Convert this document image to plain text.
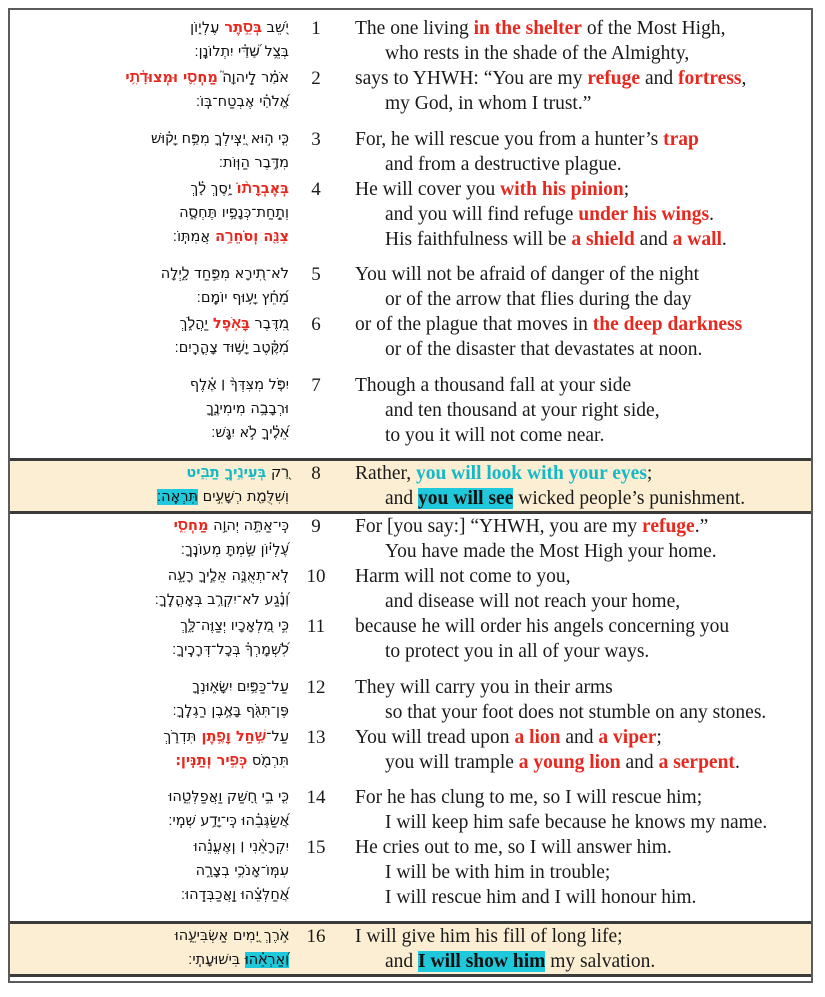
יֹ֭שֵׁב בְּסֵ֣תֶר עֶלְי֑וֹן
בְּצֵ֥ל שַׁ֝דַּ֗י יִתְלוֹנָֽן׃
1	The one living in the shelter of the Most High,
who rests in the shade of the Almighty,
אֹמַ֗ר לַֽיהוָה֮ מַחְסִ֪י וּמְצוּדָ֫תִ֥י
אֱ֝לֹהַ֗י אֶבְטַח־בּֽוֹ׃
2	says to YHWH: “You are my refuge and fortress,
my God, in whom I trust.”
כִּ֤י ה֣וּא יַ֭צִּֽילְךָ מִפַּ֥ח יָק֗וּשׁ
מִדֶּ֥בֶר הַוּֽוֹת׃
3	For, he will rescue you from a hunter’s trap
and from a destructive plague.
בְּאֶבְרָת֨וֹ יָ֥סֶךְ לָ֗ךְ
וְתַֽחַת־כְּנָפָ֥יו תֶּחְסֶ֑ה
צִנָּ֖ה וְסֹחֵרָ֣ה אֲמִתּֽוֹ׃
4	He will cover you with his pinion;
and you will find refuge under his wings.
His faithfulness will be a shield and a wall.
לֹא־תִ֭ירָא מִפַּ֣חַד לָ֑יְלָה
מֵ֝חֵ֗ץ יָע֥וּף יוֹמָֽם׃
5	You will not be afraid of danger of the night
or of the arrow that flies during the day
מִ֭דֶּבֶר בָּאֹ֣פֶל יַהֲלֹ֑ךְ
מִ֝קֶּ֗טֶב יָשׁ֥וּד צָהֳרָֽיִם׃
6	or of the plague that moves in the deep darkness
or of the disaster that devastates at noon.
יִפֹּ֤ל מִצִּדְּךָ֨ ׀ אֶ֗לֶף
וּרְבָבָ֥ה מִימִינֶ֑ךָ
אֵ֝לֶ֗יךָ לֹ֣א יִגָּֽשׁ׃
7	Though a thousand fall at your side
and ten thousand at your right side,
to you it will not come near.
רַ֭ק בְּעֵינֶ֣יךָ תַבִּ֑יט
וְשִׁלֻּמַ֖ת רְשָׁעִ֣ים תִּרְאֶֽה׃
8	Rather, you will look with your eyes;
and you will see wicked people’s punishment.
כִּֽי־אַתָּ֣ה יְהוָ֣ה מַחְסִ֑י
עֶ֝לְי֗וֹן שַׂ֣מְתָּ מְעוֹנֶֽךָ׃
9	For [you say:] “YHWH, you are my refuge.”
You have made the Most High your home.
לֹֽא־תְאֻנֶּ֣ה אֵלֶ֣יךָ רָעָ֑ה
וְ֝נֶ֗גַע לֹא־יִקְרַ֥ב בְּאָהֳלֶֽךָ׃
10	Harm will not come to you,
and disease will not reach your home,
כִּ֣י מַ֭לְאָכָיו יְצַוֶּה־לָּ֑ךְ
לִ֝שְׁמָרְךָ֗ בְּכָל־דְּרָכֶֽיךָ׃
11	because he will order his angels concerning you
to protect you in all of your ways.
עַל־כַּפַּ֥יִם יִשָּׂא֑וּנְךָ
פֶּן־תִּגֹּ֖ף בָּאֶ֣בֶן רַגְלֶֽךָ׃
12	They will carry you in their arms
so that your foot does not stumble on any stones.
עַל־שַׁ֣חַל וָפֶ֣תֶן תִּדְרֹ֑ךְ
תִּרְמֹ֖ס כְּפִ֣יר וְתַנִּֽין׃
13	You will tread upon a lion and a viper;
you will trample a young lion and a serpent.
כִּ֤י בִ֣י חָ֭שַׁק וַאֲפַלְּטֵ֑הוּ
אֲ֝שַׂגְּבֵ֗הוּ כִּֽי־יָדַ֥ע שְׁמִֽי׃
14	For he has clung to me, so I will rescue him;
I will keep him safe because he knows my name.
יִקְרָאֵ֨נִי ׀ וְֽאֶעֱנֵ֗הוּ
עִמּֽוֹ־אָנֹכִ֥י בְצָרָ֑ה
אֲ֝חַלְּצֵ֗הוּ וַֽאֲכַבְּדֵֽהוּ׃
15	He cries out to me, so I will answer him.
I will be with him in trouble;
I will rescue him and I will honour him.
אֹ֣רֶךְ יָ֭מִים אַשְׂבִּיעֵ֑הוּ
וְ֝אַרְאֵ֗הוּ בִּישׁוּעָתִֽי׃
16	I will give him his fill of long life;
and I will show him my salvation.
